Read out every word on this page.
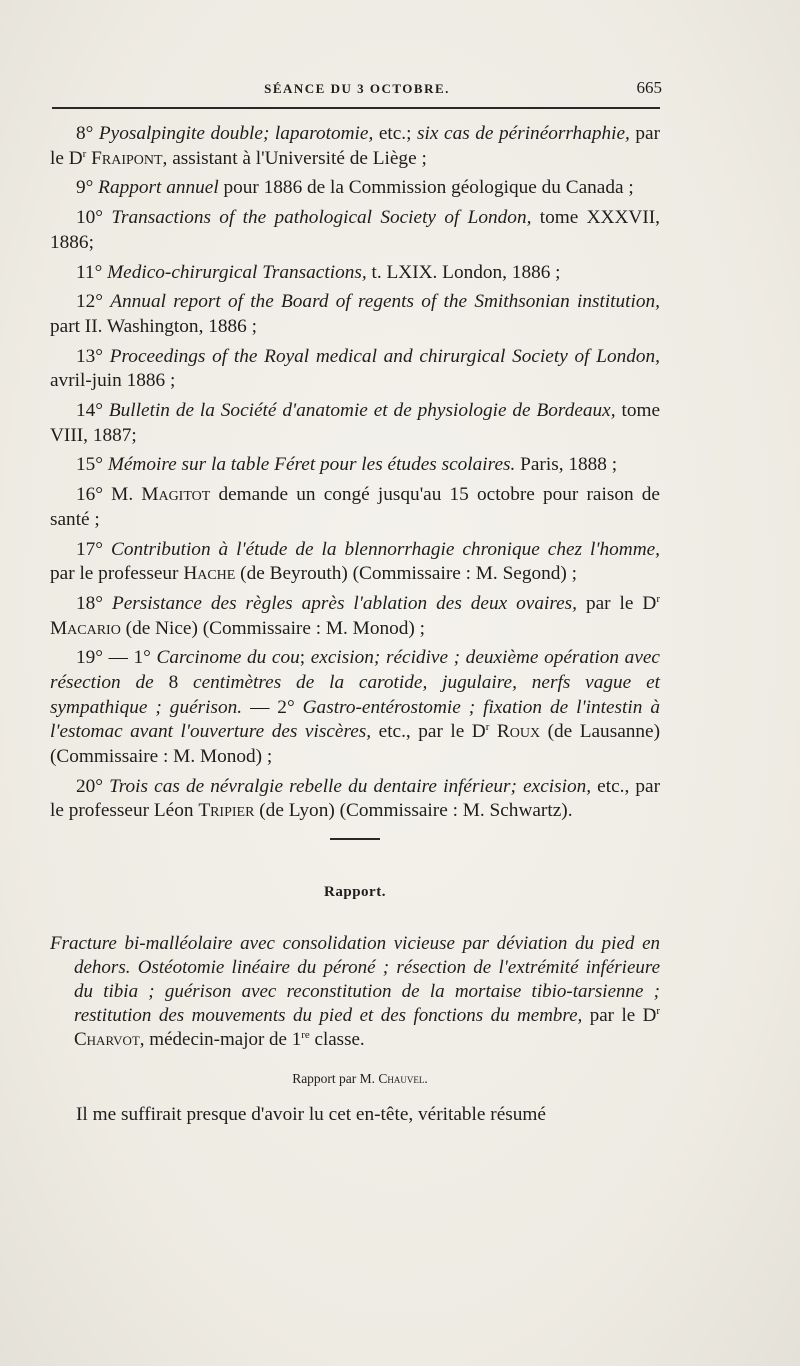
SÉANCE DU 3 OCTOBRE.	665

8° Pyosalpingite double; laparotomie, etc.; six cas de périnéorrhaphie, par le $D^r$ Fraipont, assistant à l'Université de Liège ;

9° Rapport annuel pour 1886 de la Commission géologique du Canada ;

10° Transactions of the pathological Society of London, tome XXXVII, 1886;

11° Medico-chirurgical Transactions, t. LXIX. London, 1886 ;

12° Annual report of the Board of regents of the Smithsonian institution, part II. Washington, 1886 ;

13° Proceedings of the Royal medical and chirurgical Society of London, avril-juin 1886 ;

14° Bulletin de la Société d'anatomie et de physiologie de Bordeaux, tome VIII, 1887;

15° Mémoire sur la table Féret pour les études scolaires. Paris, 1888 ;

16° M. Magitot demande un congé jusqu'au 15 octobre pour raison de santé ;

17° Contribution à l'étude de la blennorrhagie chronique chez l'homme, par le professeur Hache (de Beyrouth) (Commissaire : M. Segond) ;

18° Persistance des règles après l'ablation des deux ovaires, par le $D^r$ Macario (de Nice) (Commissaire : M. Monod) ;

19° — 1° Carcinome du cou; excision; récidive ; deuxième opération avec résection de 8 centimètres de la carotide, jugulaire, nerfs vague et sympathique ; guérison. — 2° Gastro-entérostomie ; fixation de l'intestin à l'estomac avant l'ouverture des viscères, etc., par le $D^r$ Roux (de Lausanne) (Commissaire : M. Monod) ;

20° Trois cas de névralgie rebelle du dentaire inférieur; excision, etc., par le professeur Léon Tripier (de Lyon) (Commissaire : M. Schwartz).

Rapport.

Fracture bi-malléolaire avec consolidation vicieuse par déviation du pied en dehors. Ostéotomie linéaire du péroné ; résection de l'extrémité inférieure du tibia ; guérison avec reconstitution de la mortaise tibio-tarsienne ; restitution des mouvements du pied et des fonctions du membre, par le $D^r$ Charvot, médecin-major de 1re classe.

Rapport par M. Chauvel.

Il me suffirait presque d'avoir lu cet en-tête, véritable résumé
